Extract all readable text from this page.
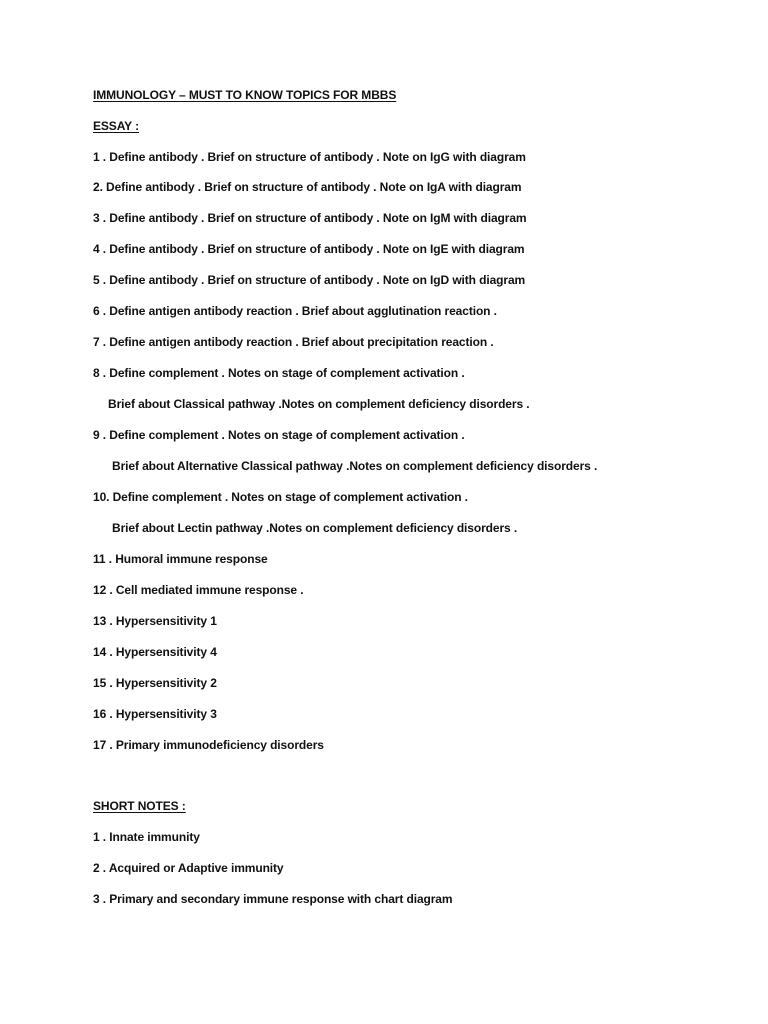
IMMUNOLOGY – MUST TO KNOW TOPICS FOR MBBS
ESSAY :
1 . Define antibody . Brief on structure of antibody . Note on IgG with diagram
2. Define antibody . Brief on structure of antibody . Note on IgA with diagram
3 . Define antibody . Brief on structure of antibody . Note on IgM with diagram
4 . Define antibody . Brief on structure of antibody . Note on IgE with diagram
5 . Define antibody . Brief on structure of antibody . Note on IgD with diagram
6 . Define antigen antibody reaction . Brief about agglutination reaction .
7 . Define antigen antibody reaction . Brief about precipitation reaction .
8 . Define complement . Notes on stage of complement activation .
Brief about Classical pathway .Notes on complement deficiency disorders .
9 . Define complement . Notes on stage of complement activation .
Brief about Alternative Classical pathway .Notes on complement deficiency disorders .
10. Define complement . Notes on stage of complement activation .
Brief about Lectin pathway .Notes on complement deficiency disorders .
11 . Humoral immune response
12 . Cell mediated immune response .
13 . Hypersensitivity 1
14 . Hypersensitivity 4
15 . Hypersensitivity 2
16 . Hypersensitivity 3
17 . Primary immunodeficiency disorders
SHORT NOTES :
1 . Innate immunity
2 . Acquired or Adaptive immunity
3 . Primary and secondary immune response with chart diagram
